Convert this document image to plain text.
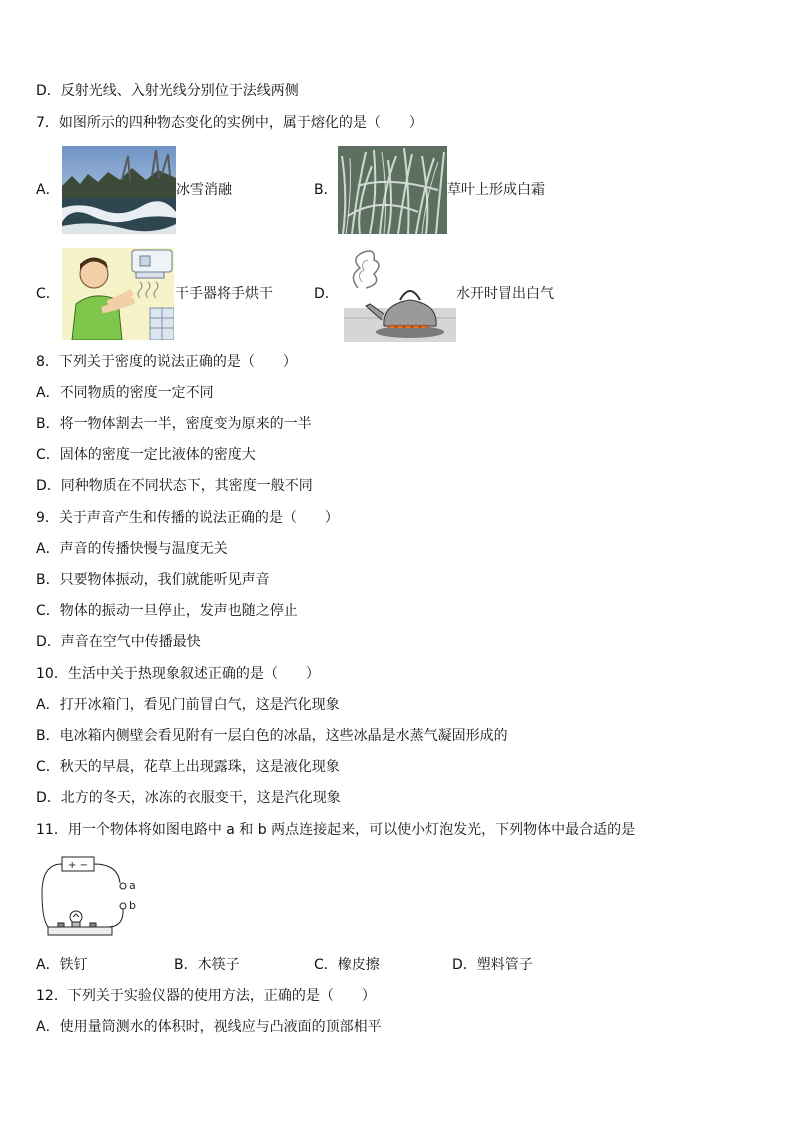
D．反射光线、入射光线分别位于法线两侧
7．如图所示的四种物态变化的实例中，属于熔化的是（　　）
A．	冰雪消融	B．	草叶上形成白霜
C．	干手器将手烘干	D．	水开时冒出白气
8．下列关于密度的说法正确的是（　　）
A．不同物质的密度一定不同
B．将一物体割去一半，密度变为原来的一半
C．固体的密度一定比液体的密度大
D．同种物质在不同状态下，其密度一般不同
9．关于声音产生和传播的说法正确的是（　　）
A．声音的传播快慢与温度无关
B．只要物体振动，我们就能听见声音
C．物体的振动一旦停止，发声也随之停止
D．声音在空气中传播最快
10．生活中关于热现象叙述正确的是（　　）
A．打开冰箱门，看见门前冒白气，这是汽化现象
B．电冰箱内侧壁会看见附有一层白色的冰晶，这些冰晶是水蒸气凝固形成的
C．秋天的早晨，花草上出现露珠，这是液化现象
D．北方的冬天，冰冻的衣服变干，这是汽化现象
11．用一个物体将如图电路中 a 和 b 两点连接起来，可以使小灯泡发光，下列物体中最合适的是
+ −
a
b
A．铁钉	B．木筷子	C．橡皮擦	D．塑料管子
12．下列关于实验仪器的使用方法，正确的是（　　）
A．使用量筒测水的体积时，视线应与凸液面的顶部相平
